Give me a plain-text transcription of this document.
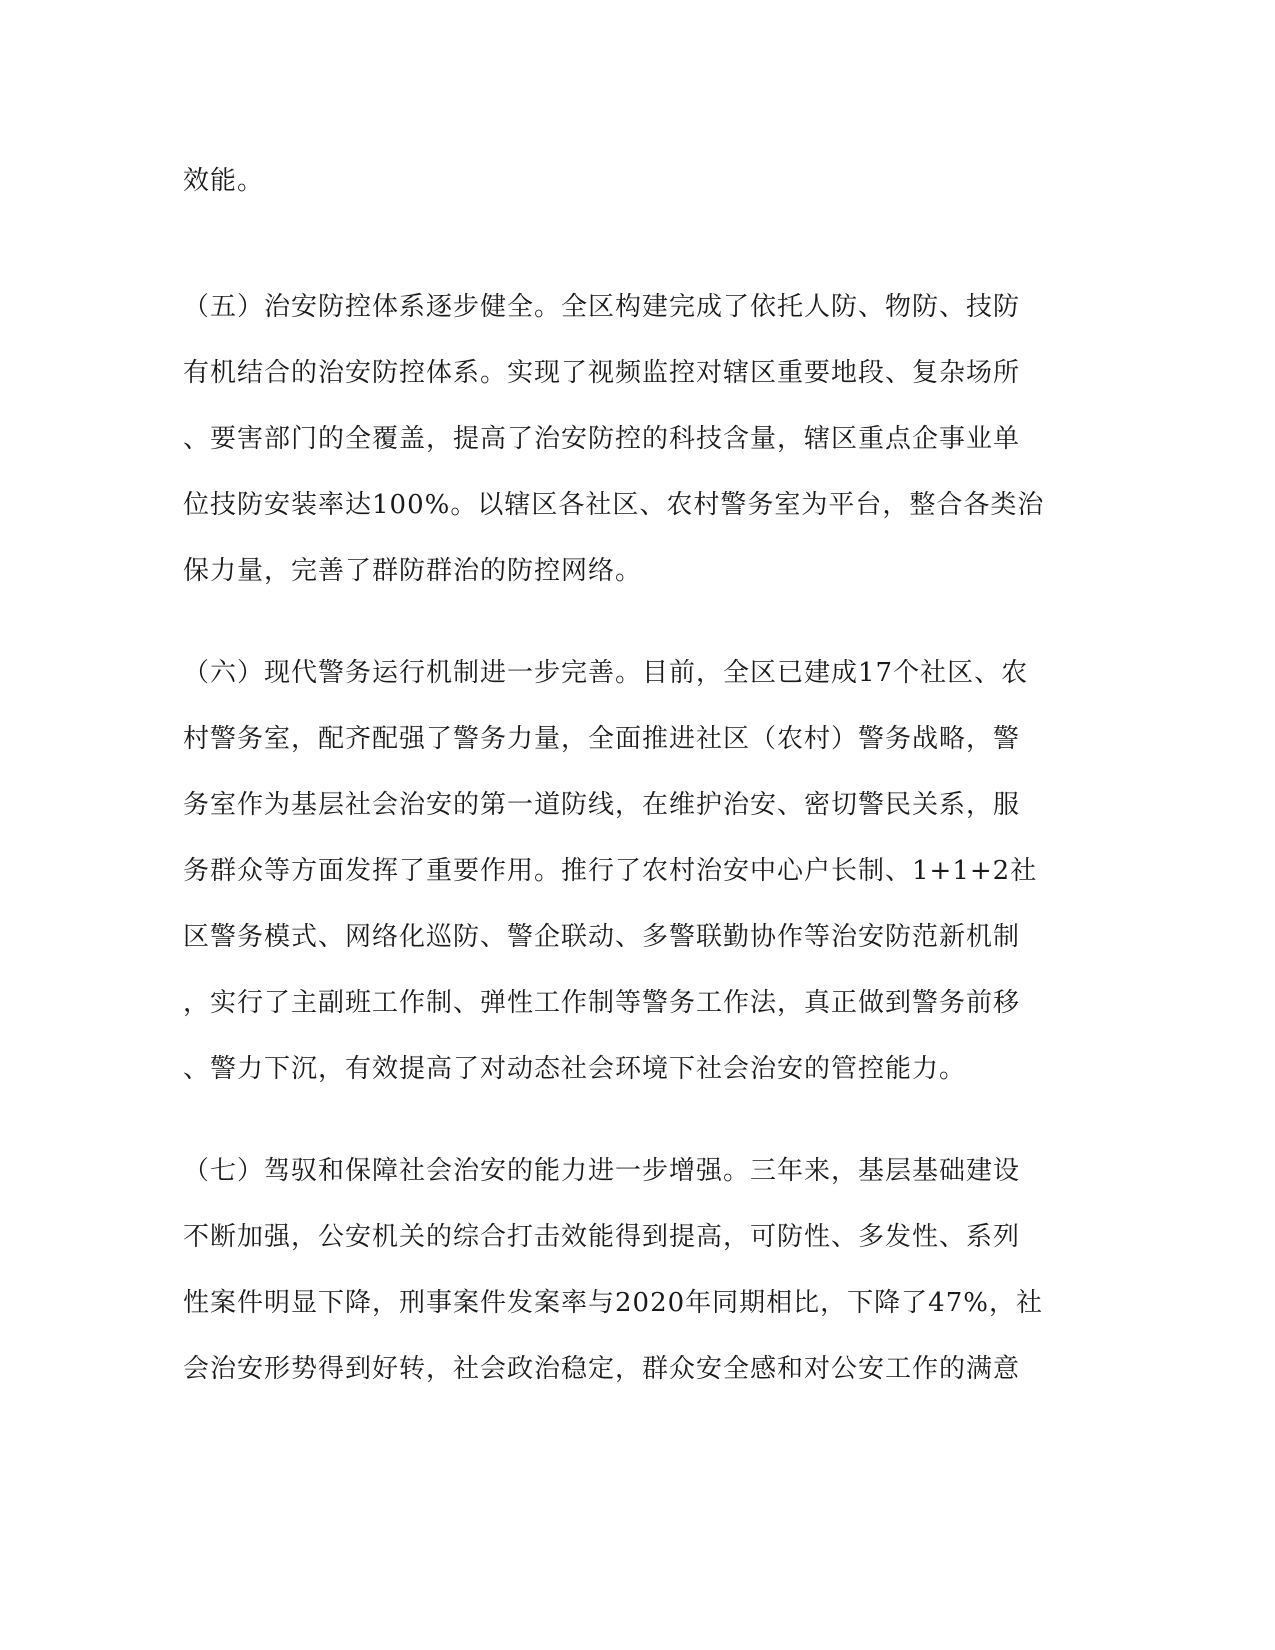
效能。
（五）治安防控体系逐步健全。全区构建完成了依托人防、物防、技防
有机结合的治安防控体系。实现了视频监控对辖区重要地段、复杂场所
、要害部门的全覆盖，提高了治安防控的科技含量，辖区重点企事业单
位技防安装率达100%。以辖区各社区、农村警务室为平台，整合各类治
保力量，完善了群防群治的防控网络。
（六）现代警务运行机制进一步完善。目前，全区已建成17个社区、农
村警务室，配齐配强了警务力量，全面推进社区（农村）警务战略，警
务室作为基层社会治安的第一道防线，在维护治安、密切警民关系，服
务群众等方面发挥了重要作用。推行了农村治安中心户长制、1+1+2社
区警务模式、网络化巡防、警企联动、多警联勤协作等治安防范新机制
，实行了主副班工作制、弹性工作制等警务工作法，真正做到警务前移
、警力下沉，有效提高了对动态社会环境下社会治安的管控能力。
（七）驾驭和保障社会治安的能力进一步增强。三年来，基层基础建设
不断加强，公安机关的综合打击效能得到提高，可防性、多发性、系列
性案件明显下降，刑事案件发案率与2020年同期相比，下降了47%，社
会治安形势得到好转，社会政治稳定，群众安全感和对公安工作的满意
